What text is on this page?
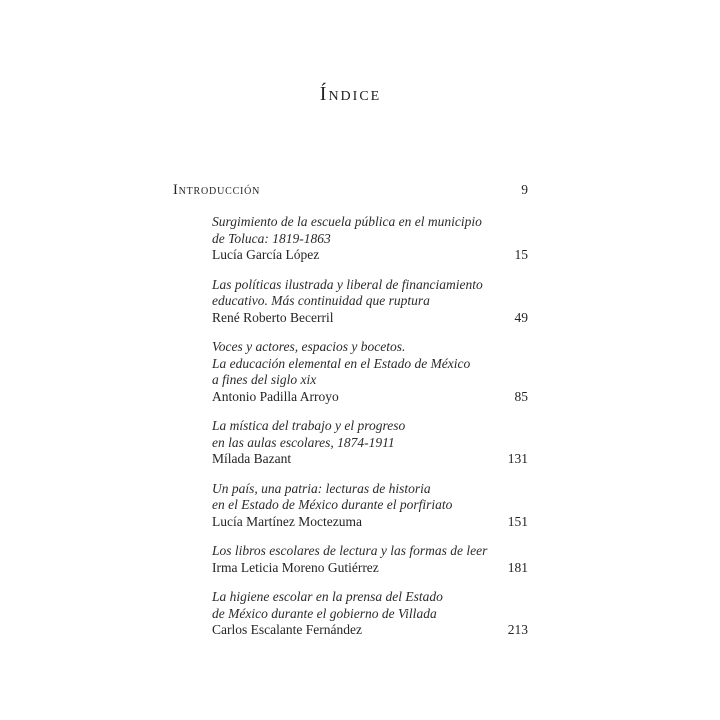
Índice
Introducción	9
Surgimiento de la escuela pública en el municipio
de Toluca: 1819-1863
Lucía García López	15
Las políticas ilustrada y liberal de financiamiento
educativo. Más continuidad que ruptura
René Roberto Becerril	49
Voces y actores, espacios y bocetos.
La educación elemental en el Estado de México
a fines del siglo xix
Antonio Padilla Arroyo	85
La mística del trabajo y el progreso
en las aulas escolares, 1874-1911
Mílada Bazant	131
Un país, una patria: lecturas de historia
en el Estado de México durante el porfiriato
Lucía Martínez Moctezuma	151
Los libros escolares de lectura y las formas de leer
Irma Leticia Moreno Gutiérrez	181
La higiene escolar en la prensa del Estado
de México durante el gobierno de Villada
Carlos Escalante Fernández	213
